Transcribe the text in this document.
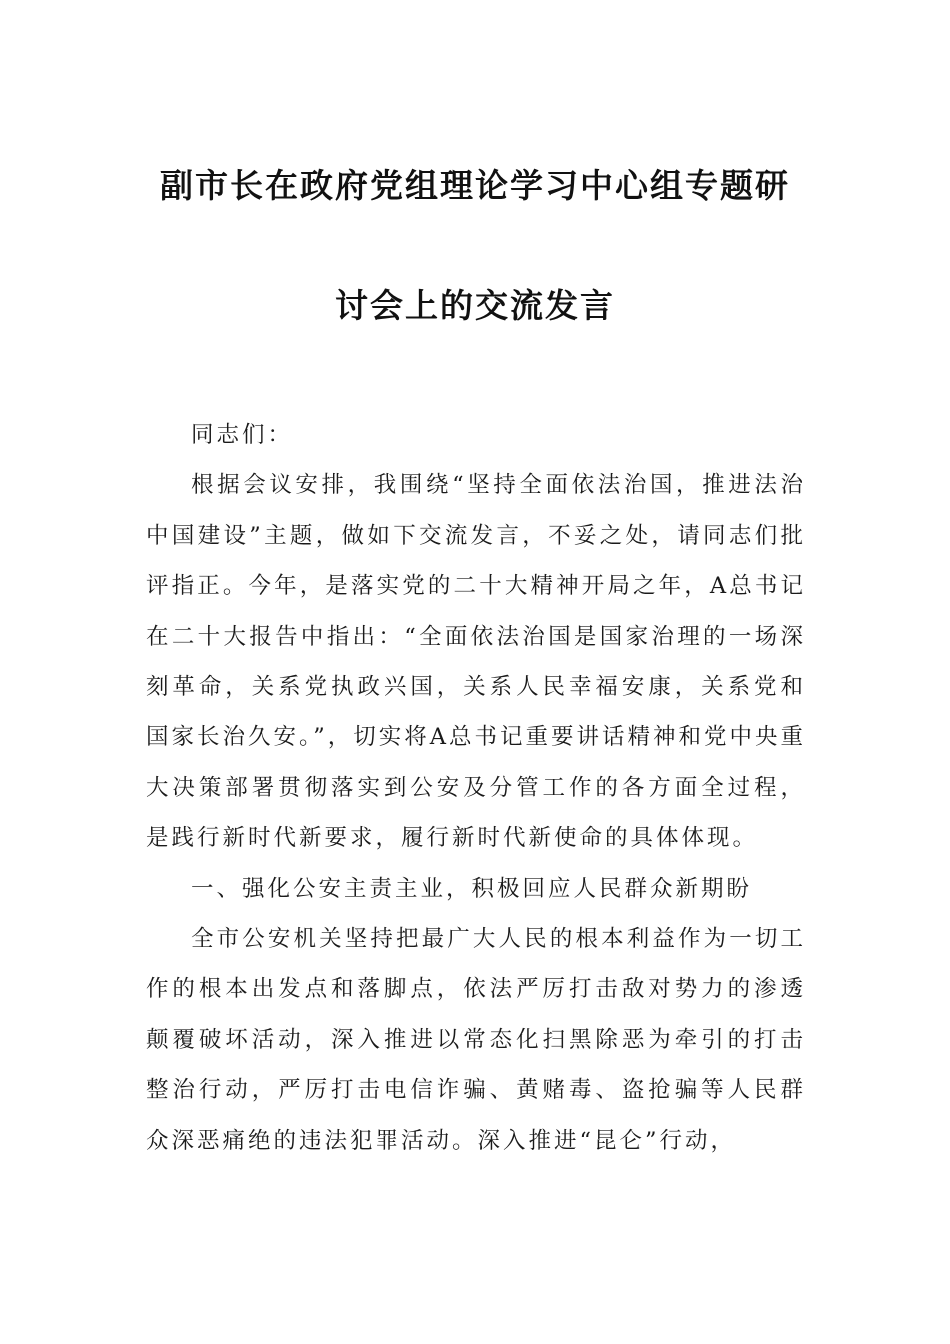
副市长在政府党组理论学习中心组专题研
讨会上的交流发言

同志们：

根据会议安排，我围绕“坚持全面依法治国，推进法治中国建设”主题，做如下交流发言，不妥之处，请同志们批评指正。今年，是落实党的二十大精神开局之年，A总书记在二十大报告中指出：“全面依法治国是国家治理的一场深刻革命，关系党执政兴国，关系人民幸福安康，关系党和国家长治久安。”，切实将A总书记重要讲话精神和党中央重大决策部署贯彻落实到公安及分管工作的各方面全过程，是践行新时代新要求，履行新时代新使命的具体体现。

一、强化公安主责主业，积极回应人民群众新期盼

全市公安机关坚持把最广大人民的根本利益作为一切工作的根本出发点和落脚点，依法严厉打击敌对势力的渗透颠覆破坏活动，深入推进以常态化扫黑除恶为牵引的打击整治行动，严厉打击电信诈骗、黄赌毒、盗抢骗等人民群众深恶痛绝的违法犯罪活动。深入推进“昆仑”行动，
